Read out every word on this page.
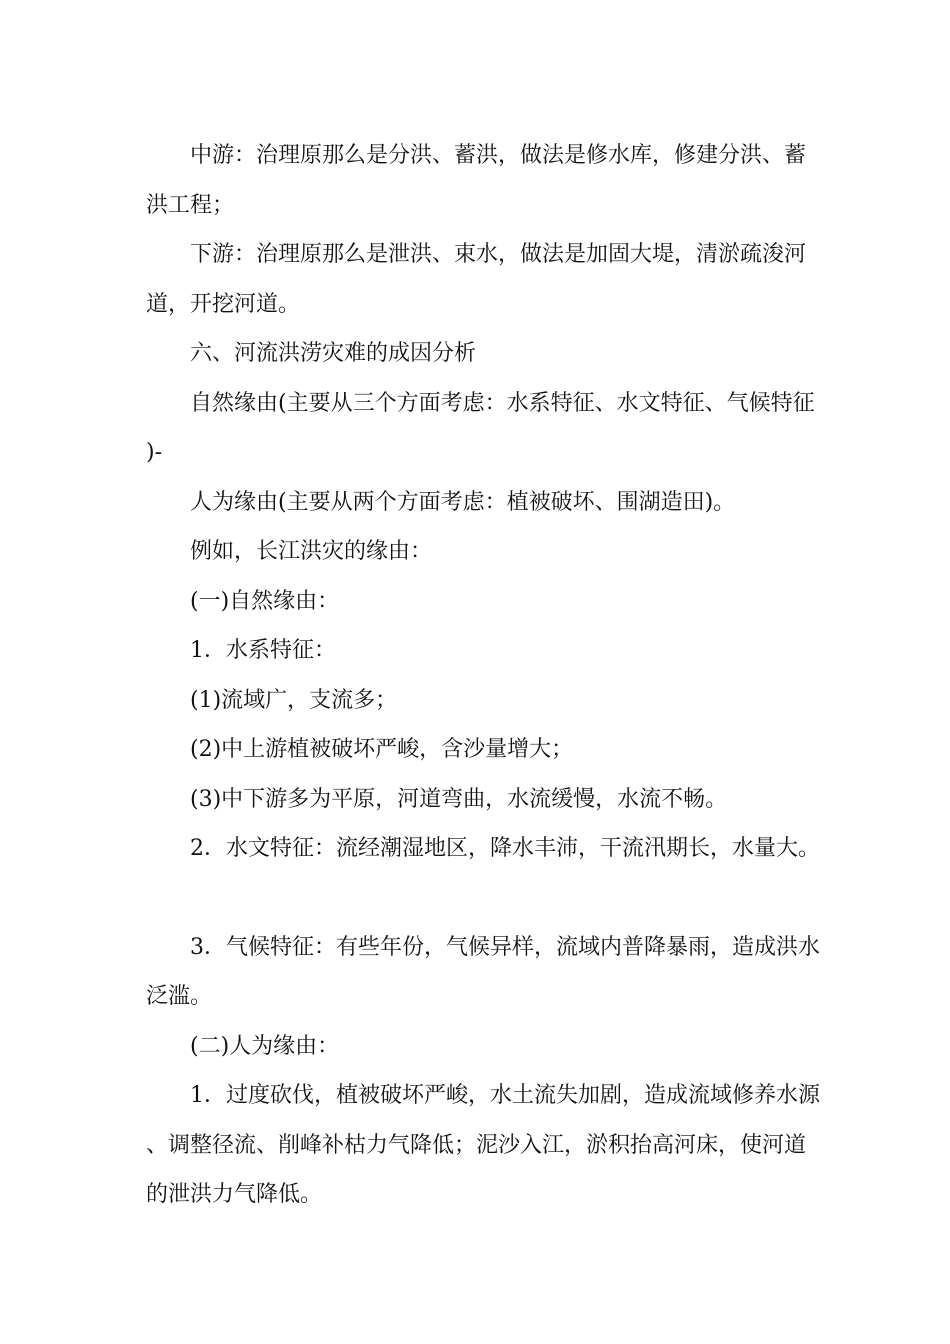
中游：治理原那么是分洪、蓄洪，做法是修水库，修建分洪、蓄洪工程；

下游：治理原那么是泄洪、束水，做法是加固大堤，清淤疏浚河道，开挖河道。

六、河流洪涝灾难的成因分析

自然缘由(主要从三个方面考虑：水系特征、水文特征、气候特征)-

人为缘由(主要从两个方面考虑：植被破坏、围湖造田)。

例如，长江洪灾的缘由：

(一)自然缘由：

1．水系特征：

(1)流域广，支流多；

(2)中上游植被破坏严峻，含沙量增大；

(3)中下游多为平原，河道弯曲，水流缓慢，水流不畅。

2．水文特征：流经潮湿地区，降水丰沛，干流汛期长，水量大。

3．气候特征：有些年份，气候异样，流域内普降暴雨，造成洪水泛滥。

(二)人为缘由：

1．过度砍伐，植被破坏严峻，水土流失加剧，造成流域修养水源、调整径流、削峰补枯力气降低；泥沙入江，淤积抬高河床，使河道的泄洪力气降低。
